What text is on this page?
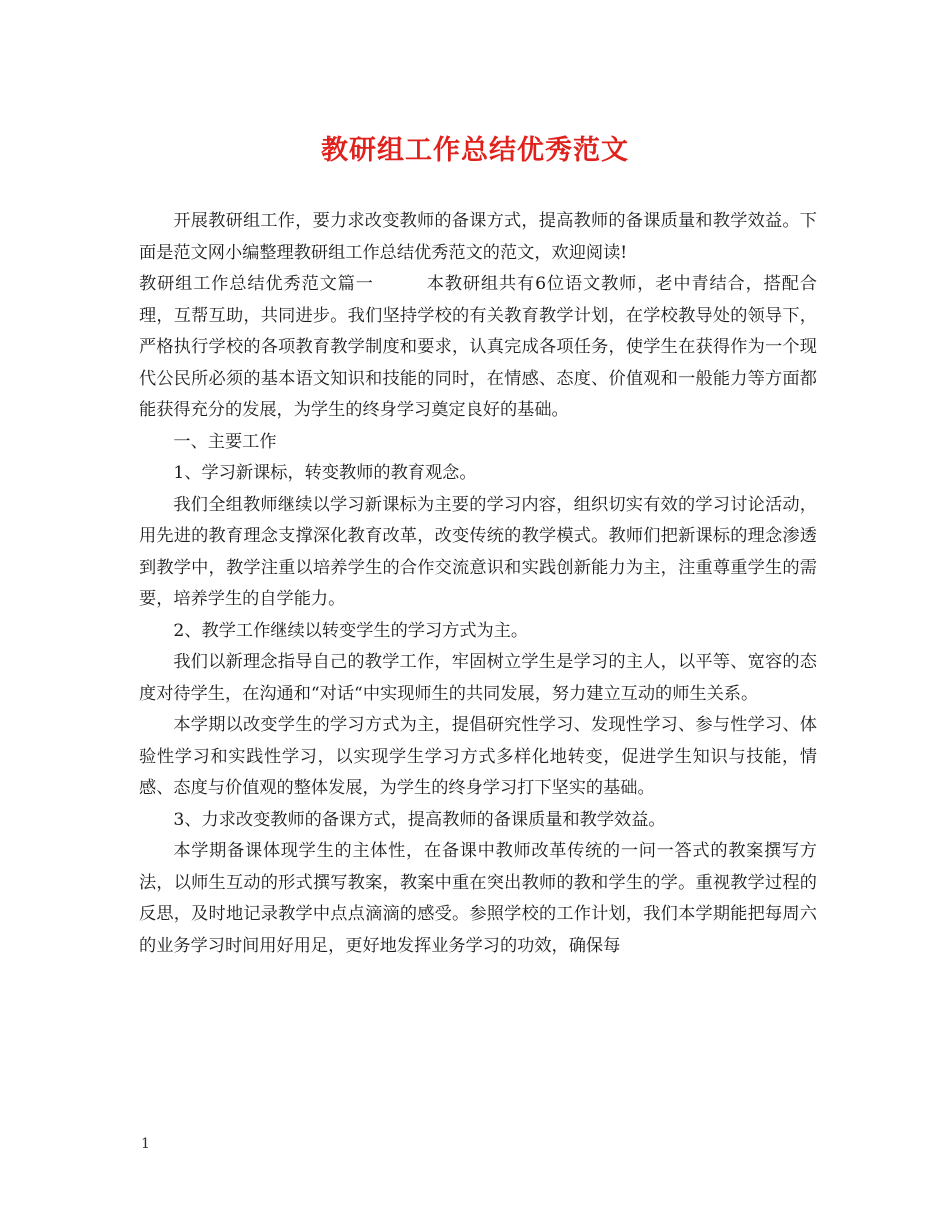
教研组工作总结优秀范文

开展教研组工作，要力求改变教师的备课方式，提高教师的备课质量和教学效益。下面是范文网小编整理教研组工作总结优秀范文的范文，欢迎阅读!

教研组工作总结优秀范文篇一	本教研组共有6位语文教师，老中青结合，搭配合理，互帮互助，共同进步。我们坚持学校的有关教育教学计划，在学校教导处的领导下，严格执行学校的各项教育教学制度和要求，认真完成各项任务，使学生在获得作为一个现代公民所必须的基本语文知识和技能的同时，在情感、态度、价值观和一般能力等方面都能获得充分的发展，为学生的终身学习奠定良好的基础。

一、主要工作

1、学习新课标，转变教师的教育观念。

我们全组教师继续以学习新课标为主要的学习内容，组织切实有效的学习讨论活动，用先进的教育理念支撑深化教育改革，改变传统的教学模式。教师们把新课标的理念渗透到教学中，教学注重以培养学生的合作交流意识和实践创新能力为主，注重尊重学生的需要，培养学生的自学能力。

2、教学工作继续以转变学生的学习方式为主。

我们以新理念指导自己的教学工作，牢固树立学生是学习的主人，以平等、宽容的态度对待学生，在沟通和“对话“中实现师生的共同发展，努力建立互动的师生关系。

本学期以改变学生的学习方式为主，提倡研究性学习、发现性学习、参与性学习、体验性学习和实践性学习，以实现学生学习方式多样化地转变，促进学生知识与技能，情感、态度与价值观的整体发展，为学生的终身学习打下坚实的基础。

3、力求改变教师的备课方式，提高教师的备课质量和教学效益。

本学期备课体现学生的主体性，在备课中教师改革传统的一问一答式的教案撰写方法，以师生互动的形式撰写教案，教案中重在突出教师的教和学生的学。重视教学过程的反思，及时地记录教学中点点滴滴的感受。参照学校的工作计划，我们本学期能把每周六的业务学习时间用好用足，更好地发挥业务学习的功效，确保每

1
